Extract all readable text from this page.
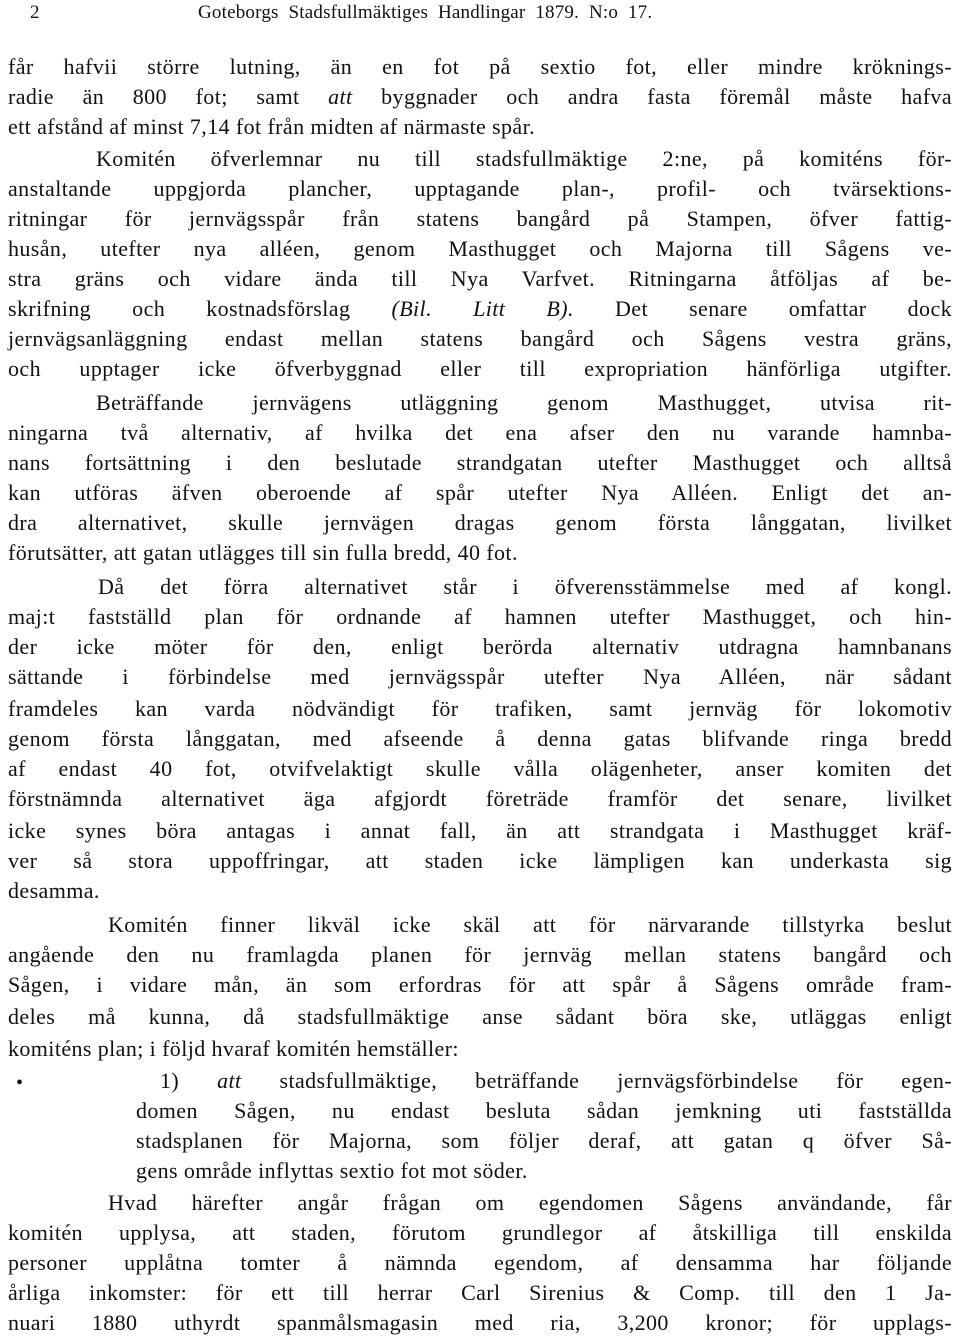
2

	Goteborgs  Stadsfullmäktiges  Handlingar  1879.  N:o  17.

får hafvii större lutning, än en fot på sextio fot, eller mindre kröknings-
radie än 800 fot; samt att byggnader och andra fasta föremål måste hafva
ett afstånd af minst 7,14 fot från midten af närmaste spår.
Komitén öfverlemnar nu till stadsfullmäktige 2:ne, på komiténs för-
anstaltande uppgjorda plancher, upptagande plan-, profil- och tvärsektions-
ritningar för jernvägsspår från statens bangård på Stampen, öfver fattig-
husån, utefter nya alléen, genom Masthugget och Majorna till Sågens ve-
stra gräns och vidare ända till Nya Varfvet. Ritningarna åtföljas af be-
skrifning och kostnadsförslag (Bil. Litt B). Det senare omfattar dock
jernvägsanläggning endast mellan statens bangård och Sågens vestra gräns,
och upptager icke öfverbyggnad eller till expropriation hänförliga utgifter.
Beträffande jernvägens utläggning genom Masthugget, utvisa rit-
ningarna två alternativ, af hvilka det ena afser den nu varande hamnba-
nans fortsättning i den beslutade strandgatan utefter Masthugget och alltså
kan utföras äfven oberoende af spår utefter Nya Alléen. Enligt det an-
dra alternativet, skulle jernvägen dragas genom första långgatan, livilket
förutsätter, att gatan utlägges till sin fulla bredd, 40 fot.
Då det förra alternativet står i öfverensstämmelse med af kongl.
maj:t fastställd plan för ordnande af hamnen utefter Masthugget, och hin-
der icke möter för den, enligt berörda alternativ utdragna hamnbanans
sättande i förbindelse med jernvägsspår utefter Nya Alléen, när sådant
framdeles kan varda nödvändigt för trafiken, samt jernväg för lokomotiv
genom första långgatan, med afseende å denna gatas blifvande ringa bredd
af endast 40 fot, otvifvelaktigt skulle vålla olägenheter, anser komiten det
förstnämnda alternativet äga afgjordt företräde framför det senare, livilket
icke synes böra antagas i annat fall, än att strandgata i Masthugget kräf-
ver så stora uppoffringar, att staden icke lämpligen kan underkasta sig
desamma.
Komitén finner likväl icke skäl att för närvarande tillstyrka beslut
angående den nu framlagda planen för jernväg mellan statens bangård och
Sågen, i vidare mån, än som erfordras för att spår å Sågens område fram-
deles må kunna, då stadsfullmäktige anse sådant böra ske, utläggas enligt
komiténs plan; i följd hvaraf komitén hemställer:
1) att stadsfullmäktige, beträffande jernvägsförbindelse för egen-
domen Sågen, nu endast besluta sådan jemkning uti fastställda
stadsplanen för Majorna, som följer deraf, att gatan q öfver Så-
gens område inflyttas sextio fot mot söder.
Hvad härefter angår frågan om egendomen Sågens användande, får
komitén upplysa, att staden, förutom grundlegor af åtskilliga till enskilda
personer upplåtna tomter å nämnda egendom, af densamma har följande
årliga inkomster: för ett till herrar Carl Sirenius & Comp. till den 1 Ja-
nuari 1880 uthyrdt spanmålsmagasin med ria, 3,200 kronor; för upplags-
•
